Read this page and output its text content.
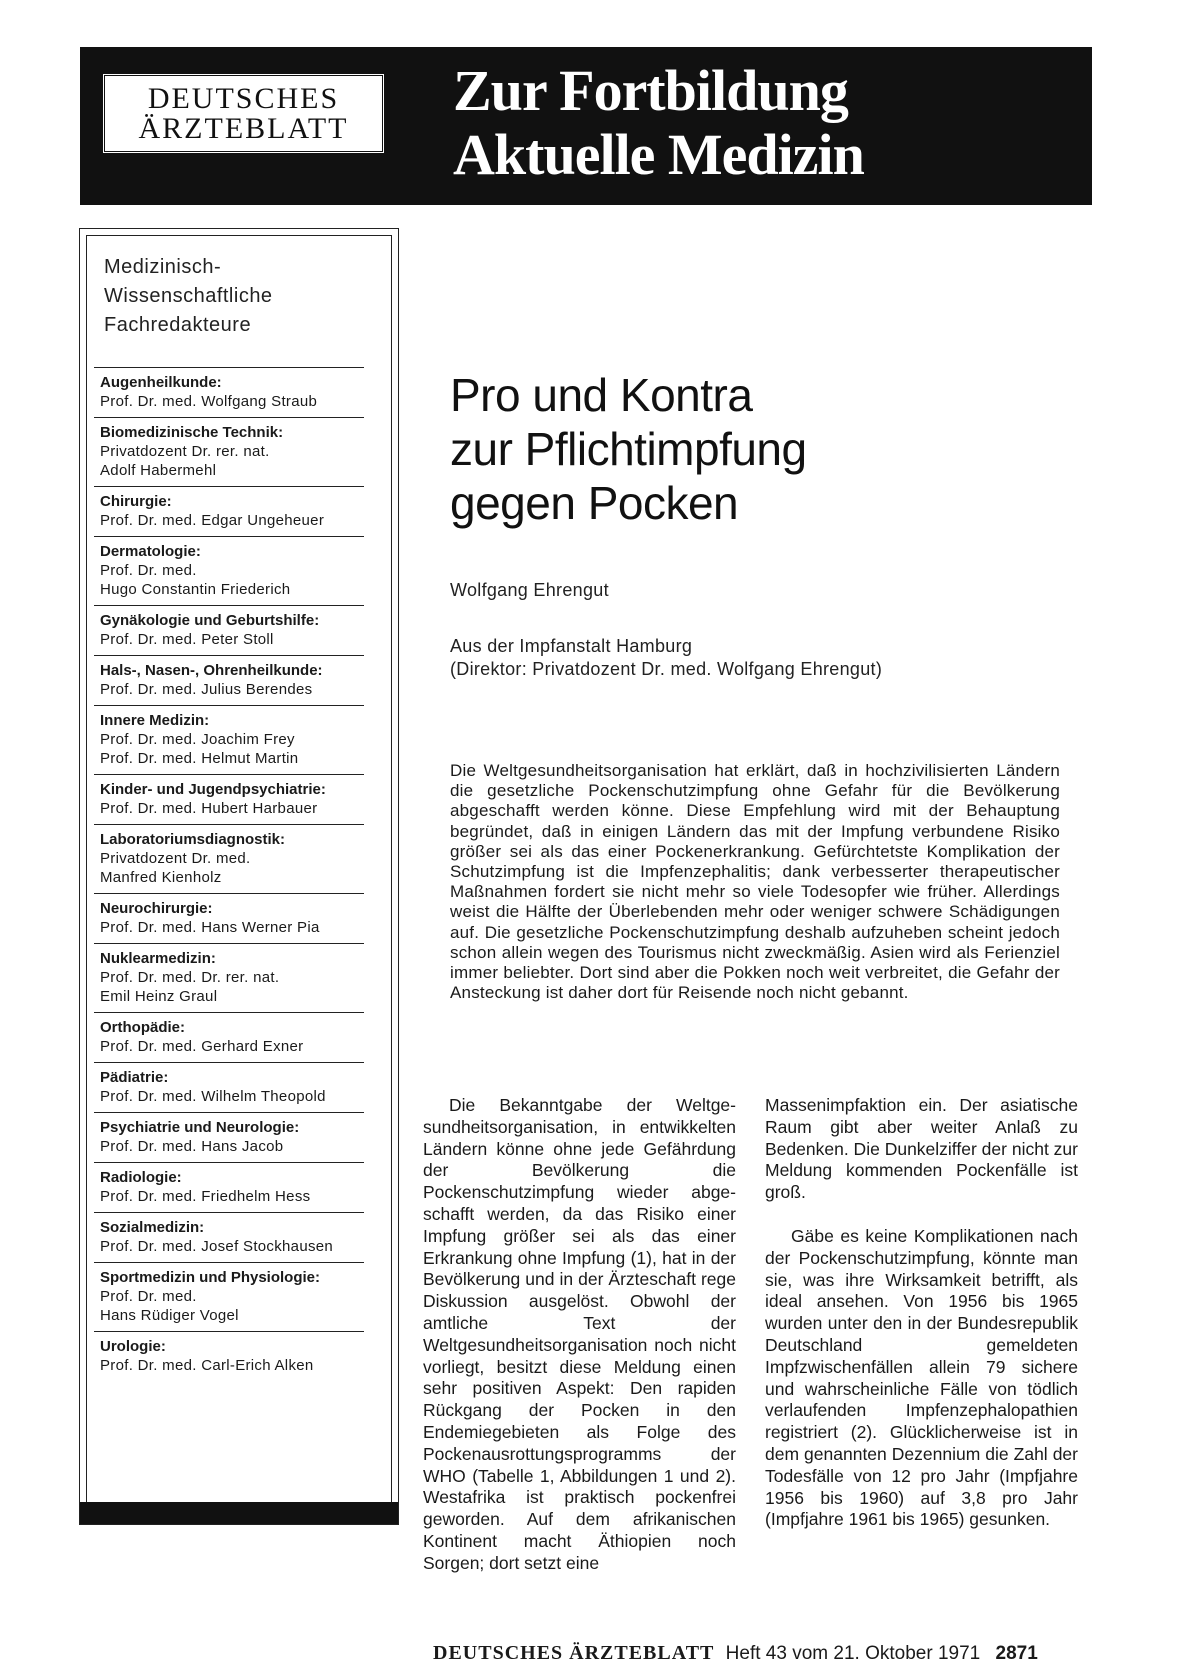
DEUTSCHES
ÄRZTEBLATT
Zur Fortbildung
Aktuelle Medizin
Medizinisch-
Wissenschaftliche
Fachredakteure
Augenheilkunde:
Prof. Dr. med. Wolfgang Straub
Biomedizinische Technik:
Privatdozent Dr. rer. nat.
Adolf Habermehl
Chirurgie:
Prof. Dr. med. Edgar Ungeheuer
Dermatologie:
Prof. Dr. med.
Hugo Constantin Friederich
Gynäkologie und Geburtshilfe:
Prof. Dr. med. Peter Stoll
Hals-, Nasen-, Ohrenheilkunde:
Prof. Dr. med. Julius Berendes
Innere Medizin:
Prof. Dr. med. Joachim Frey
Prof. Dr. med. Helmut Martin
Kinder- und Jugendpsychiatrie:
Prof. Dr. med. Hubert Harbauer
Laboratoriumsdiagnostik:
Privatdozent Dr. med.
Manfred Kienholz
Neurochirurgie:
Prof. Dr. med. Hans Werner Pia
Nuklearmedizin:
Prof. Dr. med. Dr. rer. nat.
Emil Heinz Graul
Orthopädie:
Prof. Dr. med. Gerhard Exner
Pädiatrie:
Prof. Dr. med. Wilhelm Theopold
Psychiatrie und Neurologie:
Prof. Dr. med. Hans Jacob
Radiologie:
Prof. Dr. med. Friedhelm Hess
Sozialmedizin:
Prof. Dr. med. Josef Stockhausen
Sportmedizin und Physiologie:
Prof. Dr. med.
Hans Rüdiger Vogel
Urologie:
Prof. Dr. med. Carl-Erich Alken
Pro und Kontra
zur Pflichtimpfung
gegen Pocken
Wolfgang Ehrengut
Aus der Impfanstalt Hamburg
(Direktor: Privatdozent Dr. med. Wolfgang Ehrengut)
Die Weltgesundheitsorganisation hat erklärt, daß in hochzivilisierten Ländern die gesetzliche Pockenschutzimpfung ohne Gefahr für die Bevölkerung abgeschafft werden könne. Diese Empfehlung wird mit der Behauptung begründet, daß in einigen Ländern das mit der Impfung verbundene Risiko größer sei als das einer Pockenerkrankung. Gefürchtetste Komplikation der Schutzimpfung ist die Impfenzephalitis; dank verbesserter therapeutischer Maßnahmen fordert sie nicht mehr so viele Todesopfer wie früher. Allerdings weist die Hälfte der Überlebenden mehr oder weniger schwere Schädigungen auf. Die gesetzliche Pockenschutzimpfung deshalb aufzuheben scheint jedoch schon allein wegen des Tourismus nicht zweckmäßig. Asien wird als Ferienziel immer beliebter. Dort sind aber die Pokken noch weit verbreitet, die Gefahr der Ansteckung ist daher dort für Reisende noch nicht gebannt.

Die Bekanntgabe der Weltgesundheitsorganisation, in entwikkelten Ländern könne ohne jede Gefährdung der Bevölkerung die Pockenschutzimpfung wieder abgeschafft werden, da das Risiko einer Impfung größer sei als das einer Erkrankung ohne Impfung (1), hat in der Bevölkerung und in der Ärzteschaft rege Diskussion ausgelöst. Obwohl der amtliche Text der Weltgesundheitsorganisation noch nicht vorliegt, besitzt diese Meldung einen sehr positiven Aspekt: Den rapiden Rückgang der Pocken in den Endemiegebieten als Folge des Pockenausrottungsprogramms der WHO (Tabelle 1, Abbildungen 1 und 2). Westafrika ist praktisch pockenfrei geworden. Auf dem afrikanischen Kontinent macht Äthiopien noch Sorgen; dort setzt eine

Massenimpfaktion ein. Der asiatische Raum gibt aber weiter Anlaß zu Bedenken. Die Dunkelziffer der nicht zur Meldung kommenden Pockenfälle ist groß.

Gäbe es keine Komplikationen nach der Pockenschutzimpfung, könnte man sie, was ihre Wirksamkeit betrifft, als ideal ansehen. Von 1956 bis 1965 wurden unter den in der Bundesrepublik Deutschland gemeldeten Impfzwischenfällen allein 79 sichere und wahrscheinliche Fälle von tödlich verlaufenden Impfenzephalopathien registriert (2). Glücklicherweise ist in dem genannten Dezennium die Zahl der Todesfälle von 12 pro Jahr (Impfjahre 1956 bis 1960) auf 3,8 pro Jahr (Impfjahre 1961 bis 1965) gesunken.

DEUTSCHES ÄRZTEBLATT Heft 43 vom 21. Oktober 1971 2871
